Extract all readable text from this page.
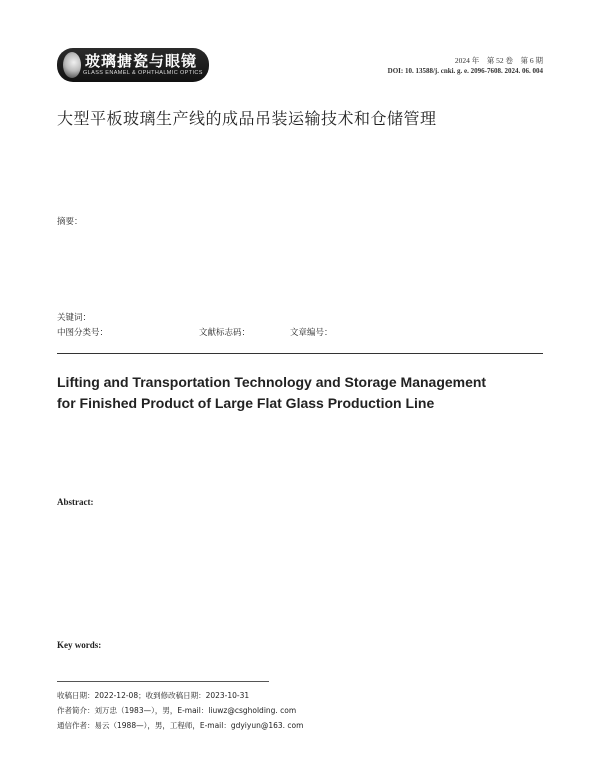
玻璃搪瓷与眼镜
GLASS ENAMEL & OPHTHALMIC OPTICS
2024 年　第 52 卷　第 6 期
DOI: 10. 13588/j. cnki. g. e. 2096-7608. 2024. 06. 004
大型平板玻璃生产线的成品吊装运输技术和仓储管理
摘要：
关键词：
中图分类号：	文献标志码：	文章编号：
Lifting and Transportation Technology and Storage Management
for Finished Product of Large Flat Glass Production Line
Abstract:
Key words:
收稿日期：2022-12-08；收到修改稿日期：2023-10-31
作者简介：刘万忠（1983—），男，E-mail：liuwz@csgholding. com
通信作者：易云（1988—），男，工程师，E-mail：gdyiyun@163. com
